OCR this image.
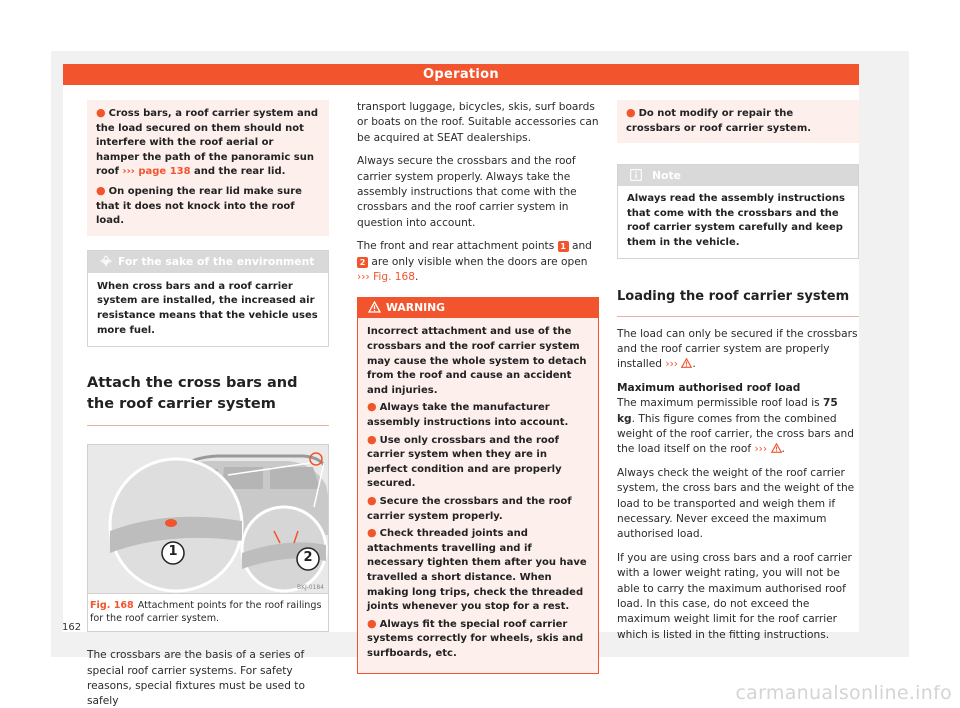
Operation

● Cross bars, a roof carrier system and the load secured on them should not interfere with the roof aerial or hamper the path of the panoramic sun roof ››› page 138 and the rear lid.

● On opening the rear lid make sure that it does not knock into the roof load.

For the sake of the environment
When cross bars and a roof carrier system are installed, the increased air resistance means that the vehicle uses more fuel.
Attach the cross bars and the roof carrier system
1	2
BKJ-0184
Fig. 168 Attachment points for the roof railings for the roof carrier system.
The crossbars are the basis of a series of special roof carrier systems. For safety reasons, special fixtures must be used to safely
transport luggage, bicycles, skis, surf boards or boats on the roof. Suitable accessories can be acquired at SEAT dealerships.
Always secure the crossbars and the roof carrier system properly. Always take the assembly instructions that come with the crossbars and the roof carrier system in question into account.
The front and rear attachment points 1 and 2 are only visible when the doors are open ››› Fig. 168.
WARNING

Incorrect attachment and use of the crossbars and the roof carrier system may cause the whole system to detach from the roof and cause an accident and injuries.

● Always take the manufacturer assembly instructions into account.

● Use only crossbars and the roof carrier system when they are in perfect condition and are properly secured.

● Secure the crossbars and the roof carrier system properly.

● Check threaded joints and attachments travelling and if necessary tighten them after you have travelled a short distance. When making long trips, check the threaded joints whenever you stop for a rest.

● Always fit the special roof carrier systems correctly for wheels, skis and surfboards, etc.

● Do not modify or repair the crossbars or roof carrier system.

Note
Always read the assembly instructions that come with the crossbars and the roof carrier system carefully and keep them in the vehicle.
Loading the roof carrier system
The load can only be secured if the crossbars and the roof carrier system are properly installed ››› .
Maximum authorised roof load
The maximum permissible roof load is 75 kg. This figure comes from the combined weight of the roof carrier, the cross bars and the load itself on the roof ››› .
Always check the weight of the roof carrier system, the cross bars and the weight of the load to be transported and weigh them if necessary. Never exceed the maximum authorised load.
If you are using cross bars and a roof carrier with a lower weight rating, you will not be able to carry the maximum authorised roof load. In this case, do not exceed the maximum weight limit for the roof carrier which is listed in the fitting instructions.
162
carmanualsonline.info
